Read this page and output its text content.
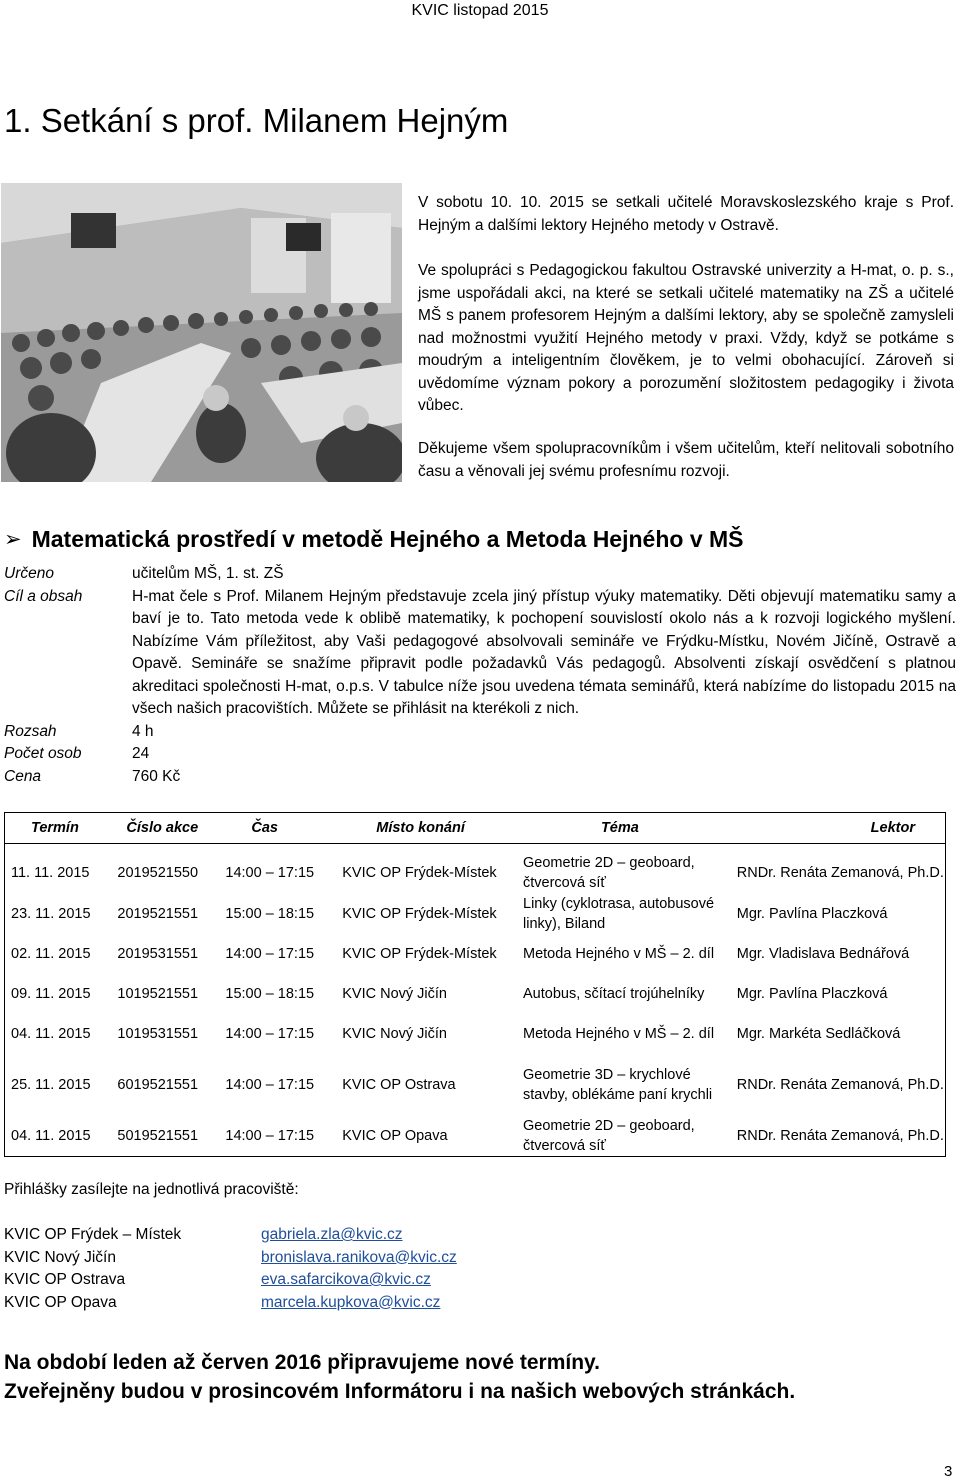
KVIC listopad 2015
1. Setkání s prof. Milanem Hejným

V sobotu 10. 10. 2015 se setkali učitelé Moravskoslezského kraje s Prof. Hejným a dalšími lektory Hejného metody v Ostravě.

Ve spolupráci s Pedagogickou fakultou Ostravské univerzity a H-mat, o. p. s., jsme uspořádali akci, na které se setkali učitelé matematiky na ZŠ a učitelé MŠ s panem profesorem Hejným a dalšími lektory, aby se společně zamysleli nad možnostmi využití Hejného metody v praxi. Vždy, když se potkáme s moudrým a inteligentním člověkem, je to velmi obohacující. Zároveň si uvědomíme význam pokory a porozumění složitostem pedagogiky i života vůbec.

Děkujeme všem spolupracovníkům i všem učitelům, kteří nelitovali sobotního času a věnovali jej svému profesnímu rozvoji.

➢ Matematická prostředí v metodě Hejného a Metoda Hejného v MŠ
Určeno	učitelům MŠ, 1. st. ZŠ
Cíl a obsah	H-mat čele s Prof. Milanem Hejným představuje zcela jiný přístup výuky matematiky. Děti objevují matematiku samy a baví je to. Tato metoda vede k oblibě matematiky, k pochopení souvislostí okolo nás a k rozvoji logického myšlení. Nabízíme Vám příležitost, aby Vaši pedagogové absolvovali semináře ve Frýdku-Místku, Novém Jičíně, Ostravě a Opavě. Semináře se snažíme připravit podle požadavků Vás pedagogů. Absolventi získají osvědčení s platnou akreditaci společnosti H-mat, o.p.s. V tabulce níže jsou uvedena témata seminářů, která nabízíme do listopadu 2015 na všech našich pracovištích. Můžete se přihlásit na kterékoli z nich.
Rozsah	4 h
Počet osob	24
Cena	760 Kč
Termín	Číslo akce	Čas	Místo konání	Téma	Lektor

11. 11. 2015	2019521550	14:00 – 17:15	KVIC OP Frýdek-Místek	Geometrie 2D – geoboard, čtvercová síť	RNDr. Renáta Zemanová, Ph.D.
23. 11. 2015	2019521551	15:00 – 18:15	KVIC OP Frýdek-Místek	Linky (cyklotrasa, autobusové linky), Biland	Mgr. Pavlína Placzková
02. 11. 2015	2019531551	14:00 – 17:15	KVIC OP Frýdek-Místek	Metoda Hejného v MŠ – 2. díl	Mgr. Vladislava Bednářová
09. 11. 2015	1019521551	15:00 – 18:15	KVIC Nový Jičín	Autobus, sčítací trojúhelníky	Mgr. Pavlína Placzková
04. 11. 2015	1019531551	14:00 – 17:15	KVIC Nový Jičín	Metoda Hejného v MŠ – 2. díl	Mgr. Markéta Sedláčková
25. 11. 2015	6019521551	14:00 – 17:15	KVIC OP Ostrava	Geometrie 3D – krychlové stavby, oblékáme paní krychli	RNDr. Renáta Zemanová, Ph.D.
04. 11. 2015	5019521551	14:00 – 17:15	KVIC OP Opava	Geometrie 2D – geoboard, čtvercová síť	RNDr. Renáta Zemanová, Ph.D.
Přihlášky zasílejte na jednotlivá pracoviště:
KVIC OP Frýdek – Místek	gabriela.zla@kvic.cz
KVIC Nový Jičín	bronislava.ranikova@kvic.cz
KVIC OP Ostrava	eva.safarcikova@kvic.cz
KVIC OP Opava	marcela.kupkova@kvic.cz
Na období leden až červen 2016 připravujeme nové termíny.
Zveřejněny budou v prosincovém Informátoru i na našich webových stránkách.
3
